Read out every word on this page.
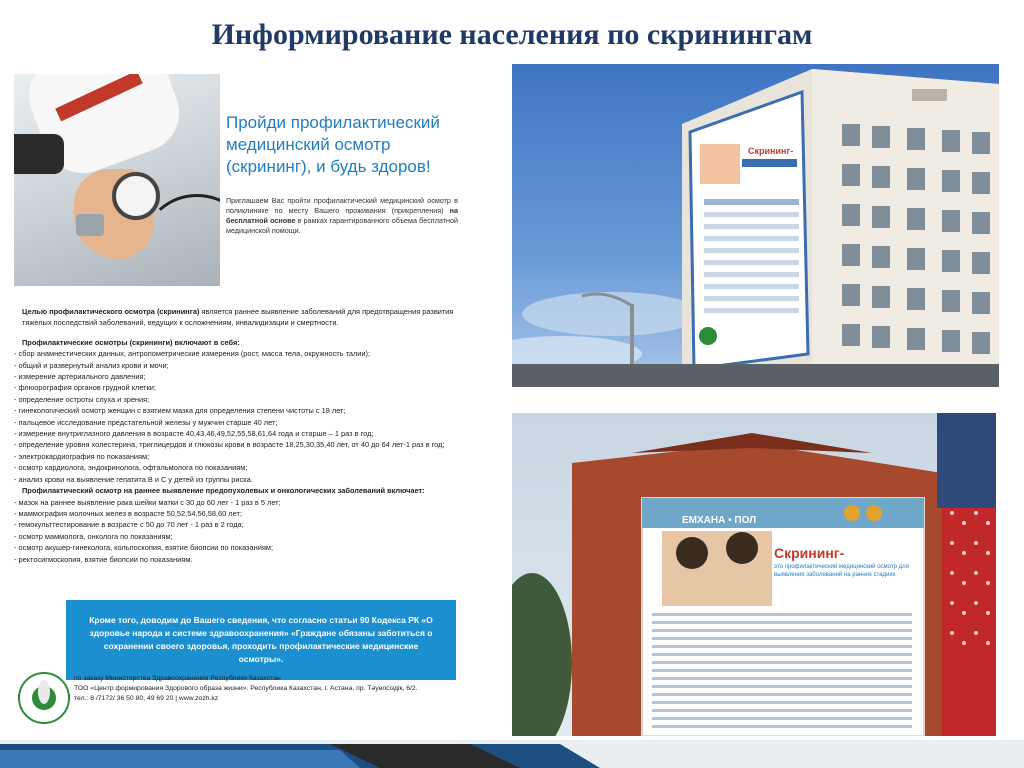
Информирование населения по скринингам
Пройди профилактический медицинский осмотр (скрининг), и будь здоров!
Приглашаем Вас пройти профилактический медицинский осмотр в поликлинике по месту Вашего проживания (прикрепления) на бесплатной основе в рамках гарантированного объема бесплатной медицинской помощи.

Целью профилактического осмотра (скрининга) является раннее выявление заболеваний для предотвращения развития тяжелых последствий заболеваний, ведущих к осложнениям, инвалидизации и смертности.

Профилактические осмотры (скрининги) включают в себя:

- сбор анамнестических данных, антропометрические измерения (рост, масса тела, окружность талии);

- общий и развернутый анализ крови и мочи;

- измерение артериального давления;

- флюорография органов грудной клетки;

- определение остроты слуха и зрения;

- гинекологический осмотр женщин с взятием мазка для определения степени чистоты с 18 лет;

- пальцевое исследование предстательной железы у мужчин старше 40 лет;

- измерение внутриглазного давления в возрасте 40,43,46,49,52,55,58,61,64 года и старше – 1 раз в год;

- определение уровня холестерина, триглицердов и глюкозы крови в возрасте 18,25,30,35,40 лет, от 40 до 64 лет-1 раз в год;

- электрокардиография по показаниям;

- осмотр кардиолога, эндокринолога, офтальмолога по показаниям;

- анализ крови на выявление гепатита В и С у детей из группы риска.

Профилактический осмотр на раннее выявление предопухолевых и онкологических заболеваний включает:

- мазок на раннее выявление рака шейки матки с 30 до 60 лет - 1 раз в 5 лет;

- маммография молочных желез в возрасте 50,52,54,56,58,60 лет;

- гемокульттестирование в возрасте с 50 до 70 лет - 1 раз в 2 года;

- осмотр маммолога, онколога по показаниям;

- осмотр акушер-гинеколога, кольпоскопия, взятие биопсии по показаниям;

- ректосигмоскопия, взятие биопсии по показаниям.

Кроме того, доводим до Вашего сведения, что согласно статьи 90 Кодекса РК «О здоровье народа и системе здравоохранения» «Граждане обязаны заботиться о сохранении своего здоровья, проходить профилактические медицинские осмотры».
по заказу Министерства Здравоохранения Республики Казахстан
ТОО «Центр формирования Здорового образа жизни». Республика Казахстан, г. Астана, пр. Тәуелсіздік, 6/2.
тел.: 8 /7172/ 36 50 80, 49 69 20 | www.zozh.kz
Скрининг-
ЕМХАНА • ПОЛ
Скрининг-
это профилактический медицинский осмотр для выявления заболеваний на ранних стадиях
